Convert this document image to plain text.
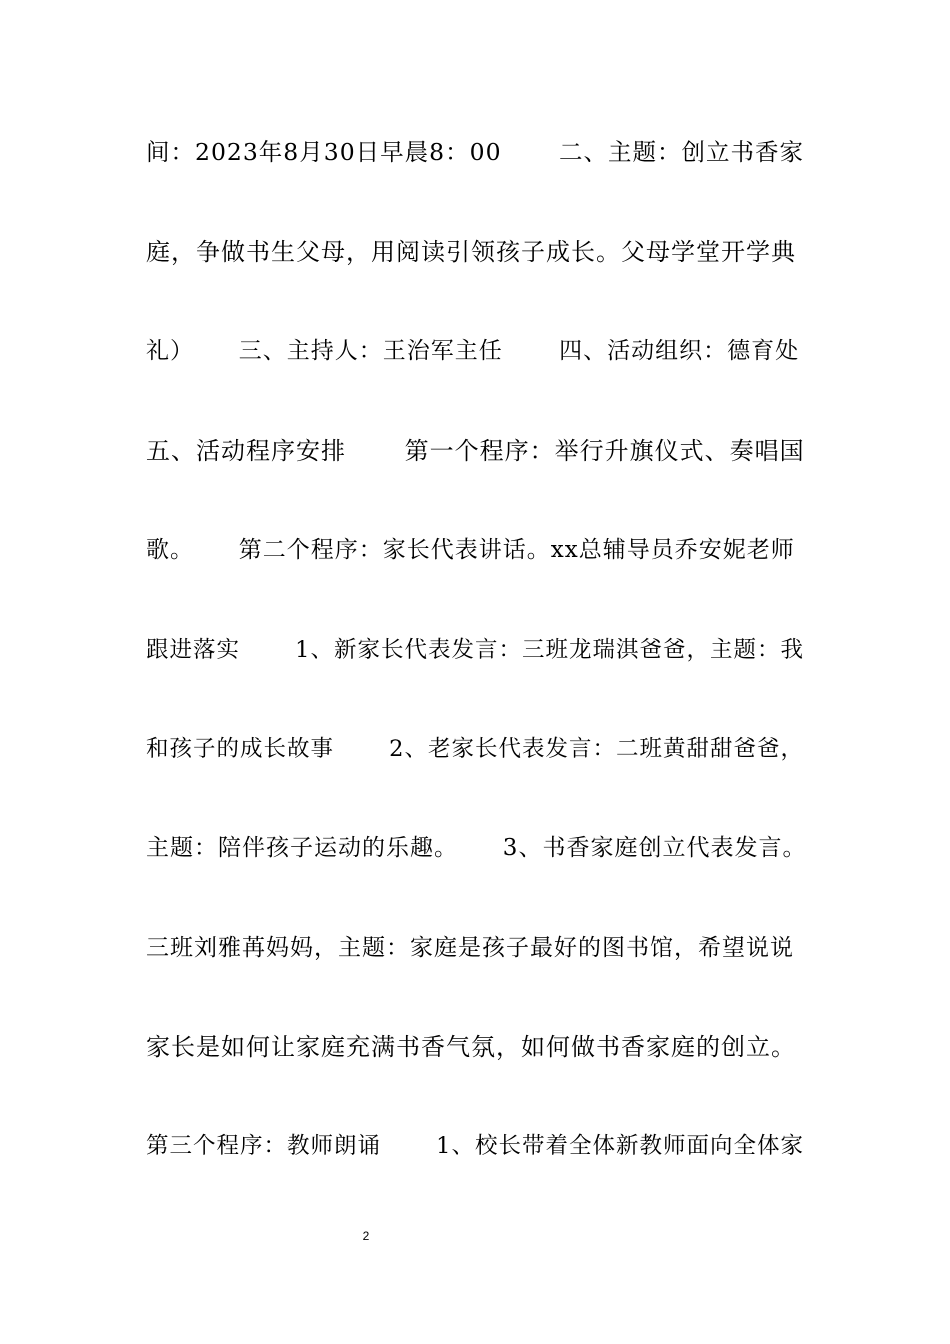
间：2023年8月30日早晨8：00　　 二、主题：创立书香家
庭，争做书生父母，用阅读引领孩子成长。父母学堂开学典
礼）　　 三、主持人：王治军主任　　 四、活动组织：德育处
五、活动程序安排　　 第一个程序：举行升旗仪式、奏唱国
歌。　　 第二个程序：家长代表讲话。xx总辅导员乔安妮老师
跟进落实　　 1、新家长代表发言：三班龙瑞淇爸爸，主题：我
和孩子的成长故事　　 2、老家长代表发言：二班黄甜甜爸爸，
主题：陪伴孩子运动的乐趣。　　 3、书香家庭创立代表发言。
三班刘雅苒妈妈，主题：家庭是孩子最好的图书馆，希望说说
家长是如何让家庭充满书香气氛，如何做书香家庭的创立。
第三个程序：教师朗诵　　 1、校长带着全体新教师面向全体家
2
